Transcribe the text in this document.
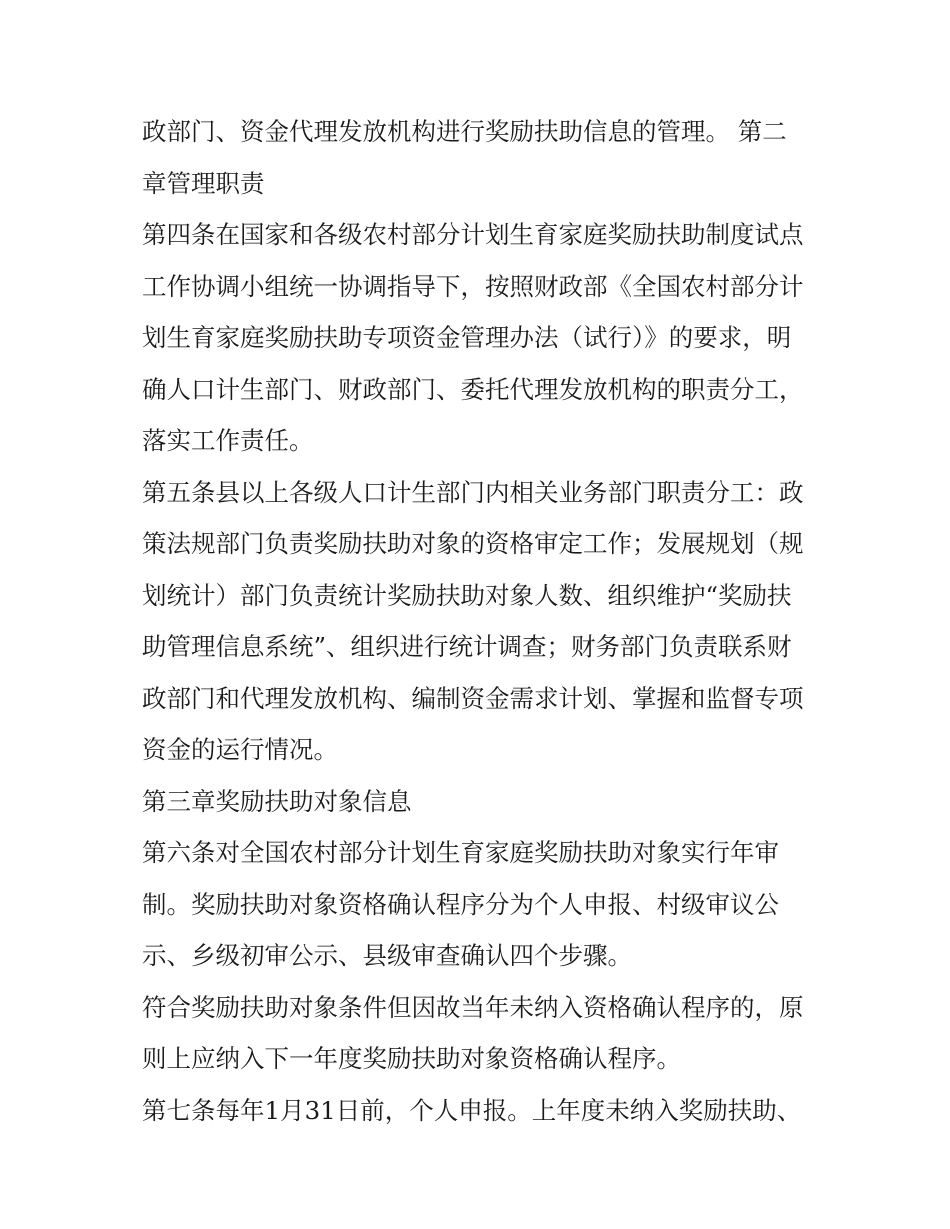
政部门、资金代理发放机构进行奖励扶助信息的管理。 第二
章管理职责
第四条在国家和各级农村部分计划生育家庭奖励扶助制度试点
工作协调小组统一协调指导下，按照财政部《全国农村部分计
划生育家庭奖励扶助专项资金管理办法（试行）》的要求，明
确人口计生部门、财政部门、委托代理发放机构的职责分工，
落实工作责任。
第五条县以上各级人口计生部门内相关业务部门职责分工：政
策法规部门负责奖励扶助对象的资格审定工作；发展规划（规
划统计）部门负责统计奖励扶助对象人数、组织维护“奖励扶
助管理信息系统”、组织进行统计调查；财务部门负责联系财
政部门和代理发放机构、编制资金需求计划、掌握和监督专项
资金的运行情况。
第三章奖励扶助对象信息
第六条对全国农村部分计划生育家庭奖励扶助对象实行年审
制。奖励扶助对象资格确认程序分为个人申报、村级审议公
示、乡级初审公示、县级审查确认四个步骤。
符合奖励扶助对象条件但因故当年未纳入资格确认程序的，原
则上应纳入下一年度奖励扶助对象资格确认程序。
第七条每年1月31日前，个人申报。上年度未纳入奖励扶助、
